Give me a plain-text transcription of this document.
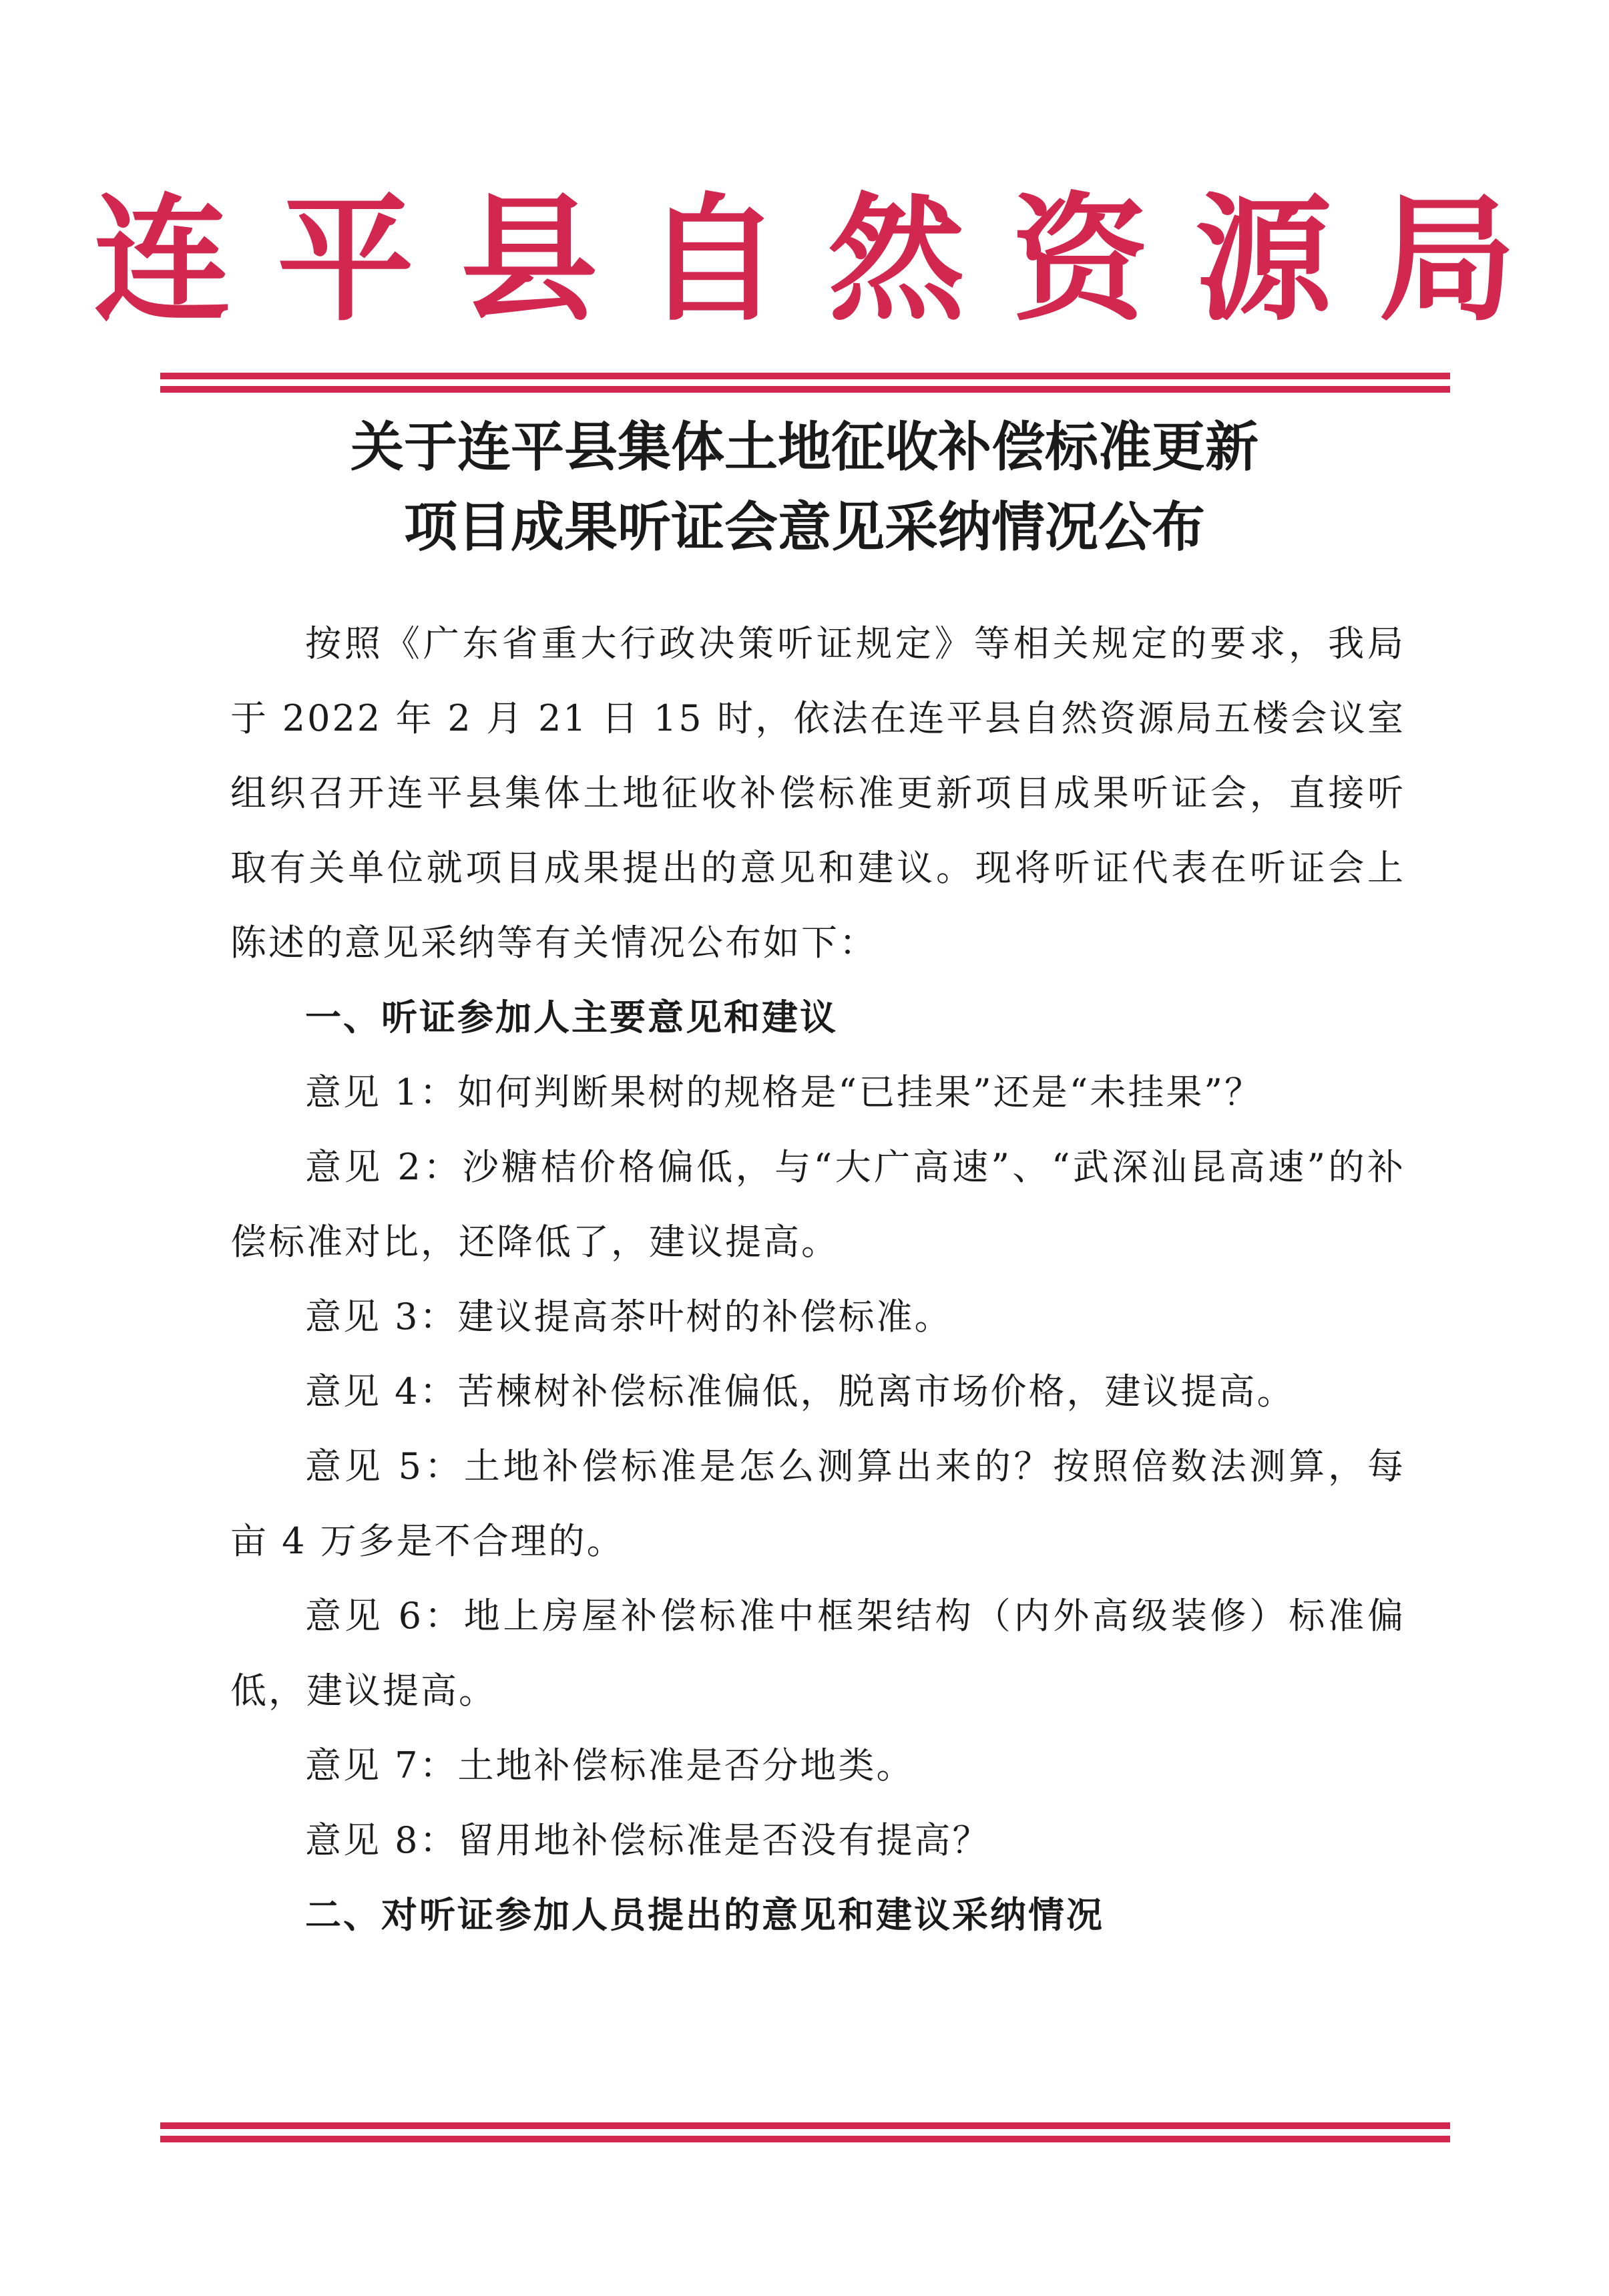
连平县自然资源局
关于连平县集体土地征收补偿标准更新
项目成果听证会意见采纳情况公布

按照《广东省重大行政决策听证规定》等相关规定的要求，我局于 2022 年 2 月 21 日 15 时，依法在连平县自然资源局五楼会议室组织召开连平县集体土地征收补偿标准更新项目成果听证会，直接听取有关单位就项目成果提出的意见和建议。现将听证代表在听证会上陈述的意见采纳等有关情况公布如下：

一、听证参加人主要意见和建议

意见 1：如何判断果树的规格是“已挂果”还是“未挂果”？

意见 2：沙糖桔价格偏低，与“大广高速”、“武深汕昆高速”的补偿标准对比，还降低了，建议提高。

意见 3：建议提高茶叶树的补偿标准。

意见 4：苦楝树补偿标准偏低，脱离市场价格，建议提高。

意见 5：土地补偿标准是怎么测算出来的？按照倍数法测算，每亩 4 万多是不合理的。

意见 6：地上房屋补偿标准中框架结构（内外高级装修）标准偏低，建议提高。

意见 7：土地补偿标准是否分地类。

意见 8：留用地补偿标准是否没有提高？

二、对听证参加人员提出的意见和建议采纳情况
